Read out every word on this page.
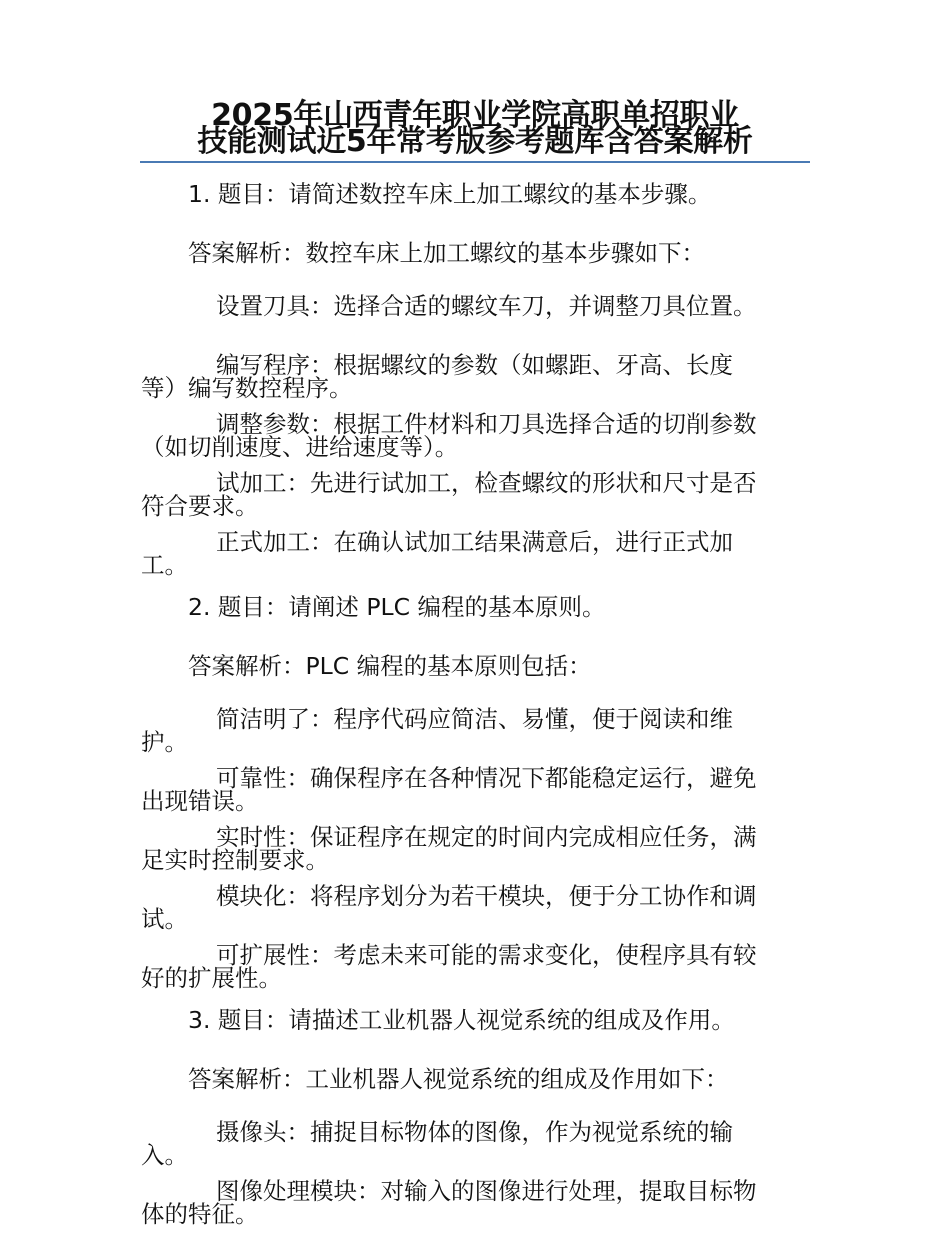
2025年山西青年职业学院高职单招职业
技能测试近5年常考版参考题库含答案解析
1. 题目：请简述数控车床上加工螺纹的基本步骤。
答案解析：数控车床上加工螺纹的基本步骤如下：
设置刀具：选择合适的螺纹车刀，并调整刀具位置。
编写程序：根据螺纹的参数（如螺距、牙高、长度
等）编写数控程序。
调整参数：根据工件材料和刀具选择合适的切削参数
（如切削速度、进给速度等）。
试加工：先进行试加工，检查螺纹的形状和尺寸是否
符合要求。
正式加工：在确认试加工结果满意后，进行正式加
工。
2. 题目：请阐述 PLC 编程的基本原则。
答案解析：PLC 编程的基本原则包括：
简洁明了：程序代码应简洁、易懂，便于阅读和维
护。
可靠性：确保程序在各种情况下都能稳定运行，避免
出现错误。
实时性：保证程序在规定的时间内完成相应任务，满
足实时控制要求。
模块化：将程序划分为若干模块，便于分工协作和调
试。
可扩展性：考虑未来可能的需求变化，使程序具有较
好的扩展性。
3. 题目：请描述工业机器人视觉系统的组成及作用。
答案解析：工业机器人视觉系统的组成及作用如下：
摄像头：捕捉目标物体的图像，作为视觉系统的输
入。
图像处理模块：对输入的图像进行处理，提取目标物
体的特征。
